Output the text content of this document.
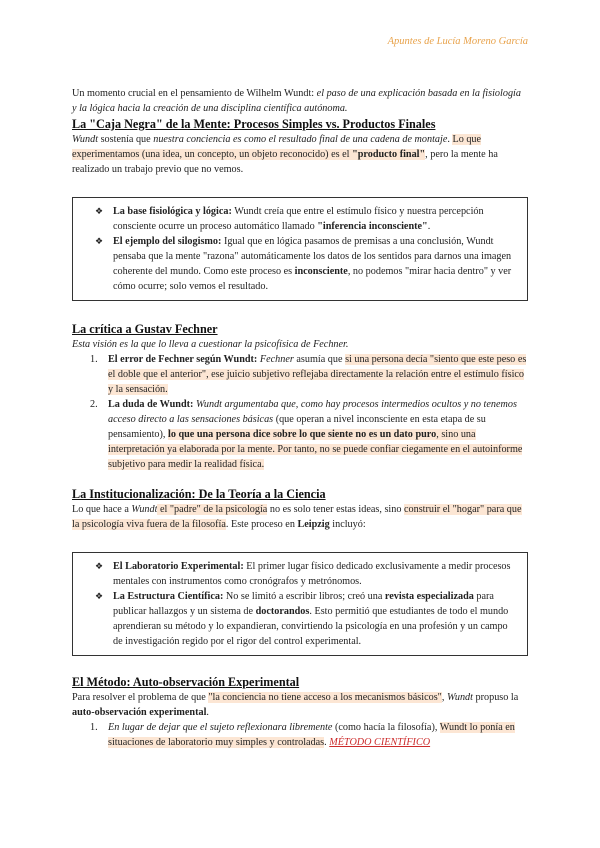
Apuntes de Lucía Moreno García

Un momento crucial en el pensamiento de Wilhelm Wundt: el paso de una explicación basada en la fisiología y la lógica hacia la creación de una disciplina científica autónoma.

La "Caja Negra" de la Mente: Procesos Simples vs. Productos Finales

Wundt sostenía que nuestra conciencia es como el resultado final de una cadena de montaje. Lo que experimentamos (una idea, un concepto, un objeto reconocido) es el "producto final", pero la mente ha realizado un trabajo previo que no vemos.

❖ La base fisiológica y lógica: Wundt creía que entre el estímulo físico y nuestra percepción consciente ocurre un proceso automático llamado "inferencia inconsciente".
❖ El ejemplo del silogismo: Igual que en lógica pasamos de premisas a una conclusión, Wundt pensaba que la mente "razona" automáticamente los datos de los sentidos para darnos una imagen coherente del mundo. Como este proceso es inconsciente, no podemos "mirar hacia dentro" y ver cómo ocurre; solo vemos el resultado.
La crítica a Gustav Fechner

Esta visión es la que lo lleva a cuestionar la psicofísica de Fechner.

1. El error de Fechner según Wundt: Fechner asumía que si una persona decía "siento que este peso es el doble que el anterior", ese juicio subjetivo reflejaba directamente la relación entre el estímulo físico y la sensación.
2. La duda de Wundt: Wundt argumentaba que, como hay procesos intermedios ocultos y no tenemos acceso directo a las sensaciones básicas (que operan a nivel inconsciente en esta etapa de su pensamiento), lo que una persona dice sobre lo que siente no es un dato puro, sino una interpretación ya elaborada por la mente. Por tanto, no se puede confiar ciegamente en el autoinforme subjetivo para medir la realidad física.
La Institucionalización: De la Teoría a la Ciencia

Lo que hace a Wundt el "padre" de la psicología no es solo tener estas ideas, sino construir el "hogar" para que la psicología viva fuera de la filosofía. Este proceso en Leipzig incluyó:

❖ El Laboratorio Experimental: El primer lugar físico dedicado exclusivamente a medir procesos mentales con instrumentos como cronógrafos y metrónomos.
❖ La Estructura Científica: No se limitó a escribir libros; creó una revista especializada para publicar hallazgos y un sistema de doctorandos. Esto permitió que estudiantes de todo el mundo aprendieran su método y lo expandieran, convirtiendo la psicología en una profesión y un campo de investigación regido por el rigor del control experimental.
El Método: Auto-observación Experimental

Para resolver el problema de que "la conciencia no tiene acceso a los mecanismos básicos", Wundt propuso la auto-observación experimental.

1. En lugar de dejar que el sujeto reflexionara libremente (como hacía la filosofía), Wundt lo ponía en situaciones de laboratorio muy simples y controladas. MÉTODO CIENTÍFICO
